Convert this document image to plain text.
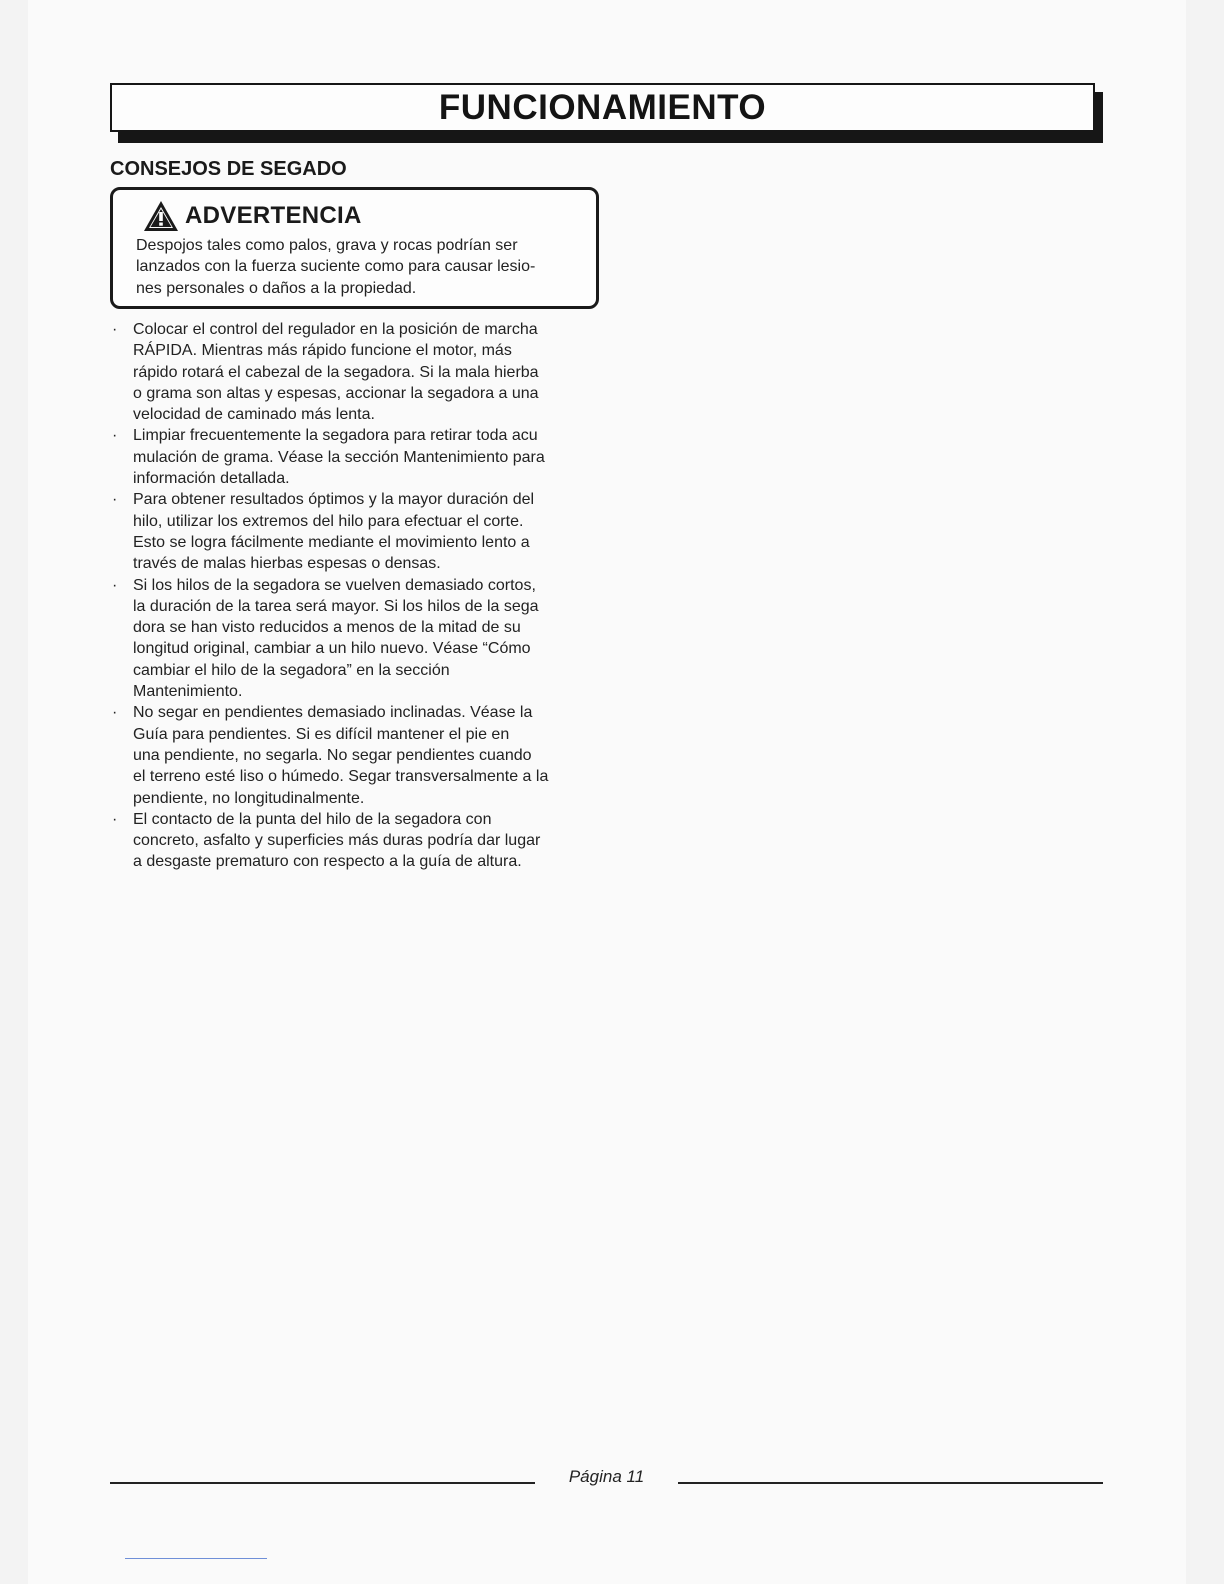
FUNCIONAMIENTO
CONSEJOS DE SEGADO
ADVERTENCIA
Despojos tales como palos, grava y rocas podrían ser
lanzados con la fuerza suciente como para causar lesio-
nes personales o daños a la propiedad.
· Colocar el control del regulador en la posición de marcha
RÁPIDA. Mientras más rápido funcione el motor, más
rápido rotará el cabezal de la segadora. Si la mala hierba
o grama son altas y espesas, accionar la segadora a una
velocidad de caminado más lenta.
· Limpiar frecuentemente la segadora para retirar toda acu
mulación de grama. Véase la sección Mantenimiento para
información detallada.
· Para obtener resultados óptimos y la mayor duración del
hilo, utilizar los extremos del hilo para efectuar el corte.
Esto se logra fácilmente mediante el movimiento lento a
través de malas hierbas espesas o densas.
· Si los hilos de la segadora se vuelven demasiado cortos,
la duración de la tarea será mayor. Si los hilos de la sega
dora se han visto reducidos a menos de la mitad de su
longitud original, cambiar a un hilo nuevo. Véase “Cómo
cambiar el hilo de la segadora” en la sección
Mantenimiento.
· No segar en pendientes demasiado inclinadas. Véase la
Guía para pendientes. Si es difícil mantener el pie en
una pendiente, no segarla. No segar pendientes cuando
el terreno esté liso o húmedo. Segar transversalmente a la
pendiente, no longitudinalmente.
· El contacto de la punta del hilo de la segadora con
concreto, asfalto y superficies más duras podría dar lugar
a desgaste prematuro con respecto a la guía de altura.
Página 11
